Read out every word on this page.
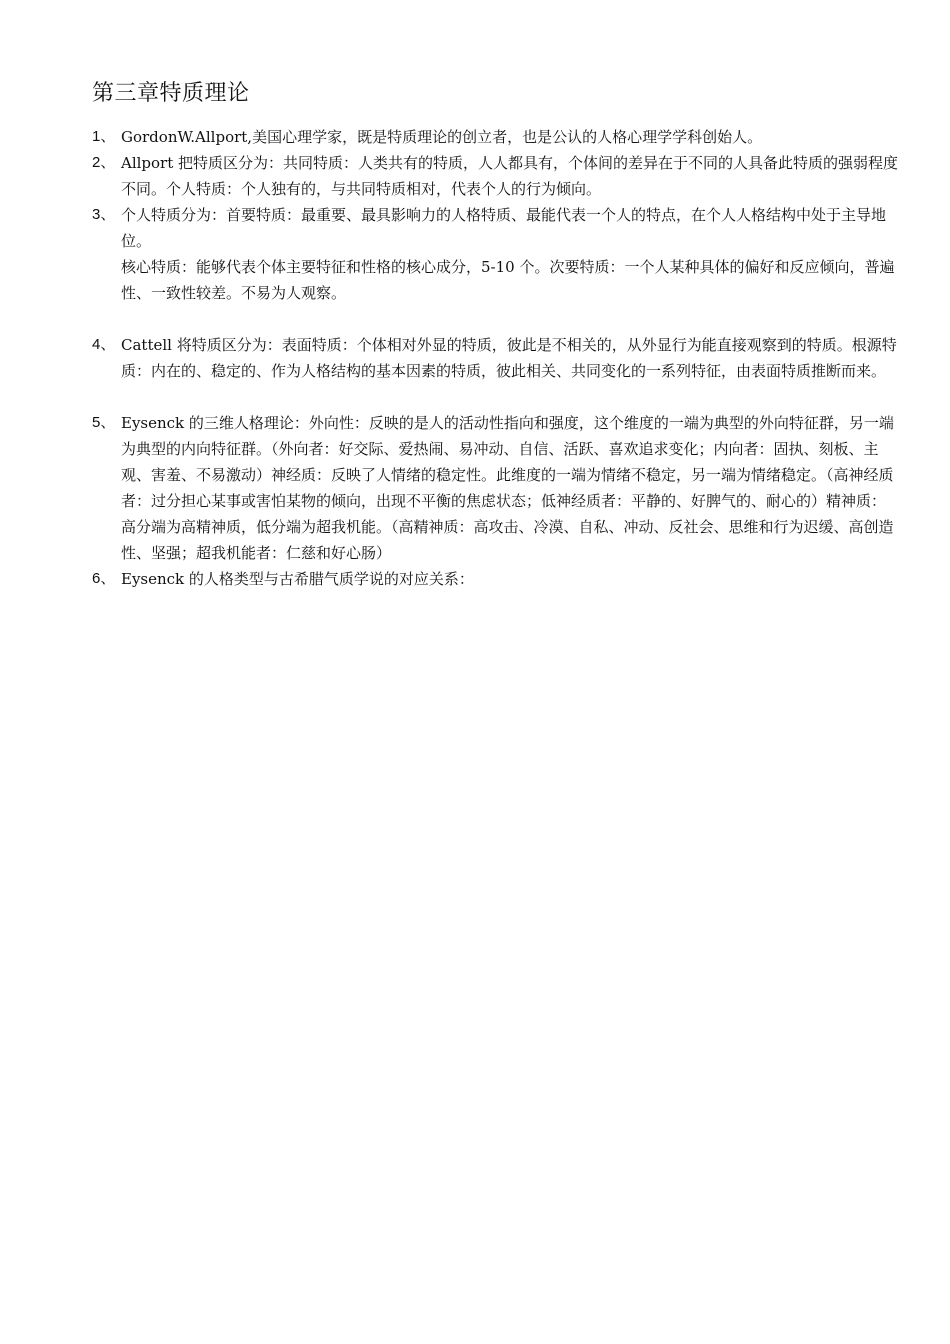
第三章特质理论
1、 GordonW.Allport,美国心理学家，既是特质理论的创立者，也是公认的人格心理学学科创始人。

2、 Allport 把特质区分为：共同特质：人类共有的特质，人人都具有，个体间的差异在于不同的人具备此特质的强弱程度不同。个人特质：个人独有的，与共同特质相对，代表个人的行为倾向。

3、 个人特质分为：首要特质：最重要、最具影响力的人格特质、最能代表一个人的特点，在个人人格结构中处于主导地位。

核心特质：能够代表个体主要特征和性格的核心成分，5-10 个。次要特质：一个人某种具体的偏好和反应倾向，普遍性、一致性较差。不易为人观察。

4、 Cattell 将特质区分为：表面特质：个体相对外显的特质，彼此是不相关的，从外显行为能直接观察到的特质。根源特质：内在的、稳定的、作为人格结构的基本因素的特质，彼此相关、共同变化的一系列特征，由表面特质推断而来。

5、 Eysenck 的三维人格理论：外向性：反映的是人的活动性指向和强度，这个维度的一端为典型的外向特征群，另一端为典型的内向特征群。（外向者：好交际、爱热闹、易冲动、自信、活跃、喜欢追求变化；内向者：固执、刻板、主观、害羞、不易激动）神经质：反映了人情绪的稳定性。此维度的一端为情绪不稳定，另一端为情绪稳定。（高神经质者：过分担心某事或害怕某物的倾向，出现不平衡的焦虑状态；低神经质者：平静的、好脾气的、耐心的）精神质：高分端为高精神质，低分端为超我机能。（高精神质：高攻击、冷漠、自私、冲动、反社会、思维和行为迟缓、高创造性、坚强；超我机能者：仁慈和好心肠）

6、 Eysenck 的人格类型与古希腊气质学说的对应关系：
